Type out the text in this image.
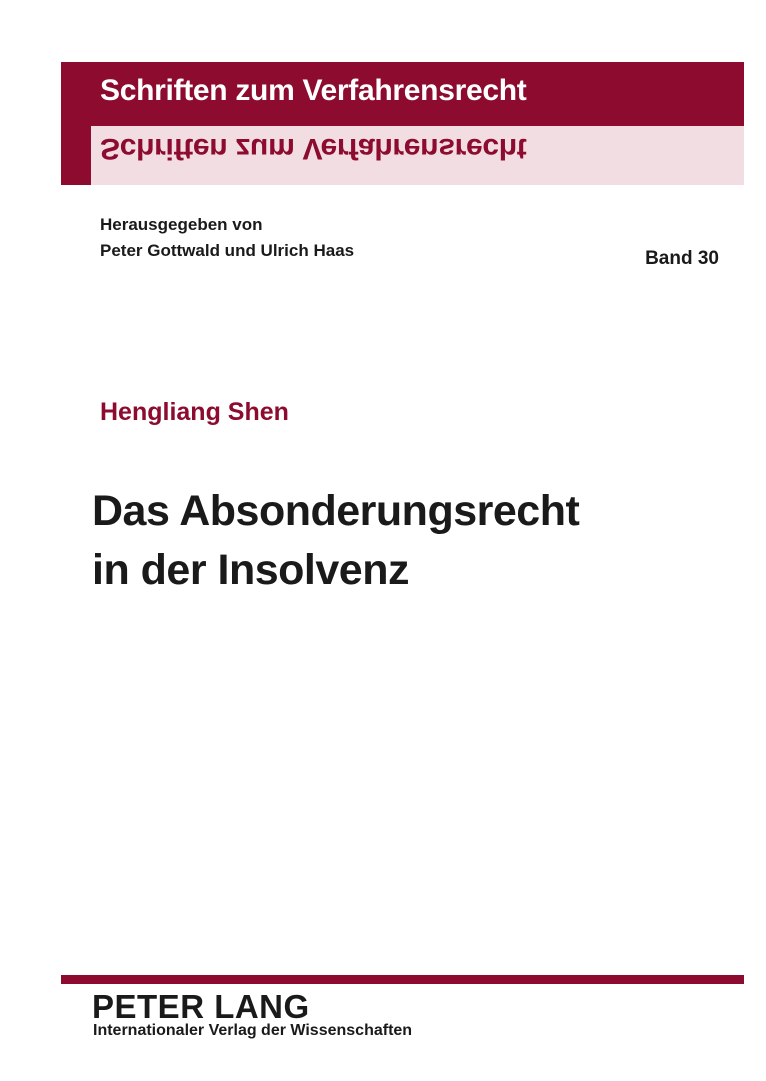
Schriften zum Verfahrensrecht
Schriften zum Verfahrensrecht
Herausgegeben von
Peter Gottwald und Ulrich Haas	Band 30
Hengliang Shen
Das Absonderungsrecht
in der Insolvenz
PETER LANG
Internationaler Verlag der Wissenschaften
